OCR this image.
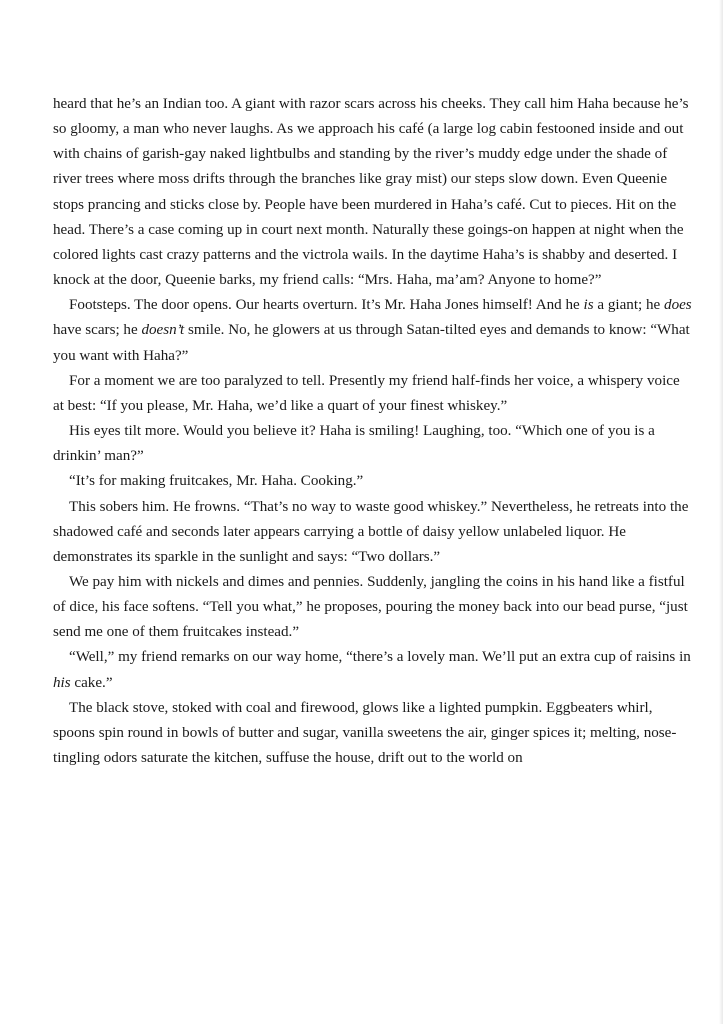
heard that he’s an Indian too. A giant with razor scars across his cheeks. They call him Haha because he’s so gloomy, a man who never laughs. As we approach his café (a large log cabin festooned inside and out with chains of garish-gay naked lightbulbs and standing by the river’s muddy edge under the shade of river trees where moss drifts through the branches like gray mist) our steps slow down. Even Queenie stops prancing and sticks close by. People have been murdered in Haha’s café. Cut to pieces. Hit on the head. There’s a case coming up in court next month. Naturally these goings-on happen at night when the colored lights cast crazy patterns and the victrola wails. In the daytime Haha’s is shabby and deserted. I knock at the door, Queenie barks, my friend calls: “Mrs. Haha, ma’am? Anyone to home?”

Footsteps. The door opens. Our hearts overturn. It’s Mr. Haha Jones himself! And he is a giant; he does have scars; he doesn’t smile. No, he glowers at us through Satan-tilted eyes and demands to know: “What you want with Haha?”

For a moment we are too paralyzed to tell. Presently my friend half-finds her voice, a whispery voice at best: “If you please, Mr. Haha, we’d like a quart of your finest whiskey.”

His eyes tilt more. Would you believe it? Haha is smiling! Laughing, too. “Which one of you is a drinkin’ man?”

“It’s for making fruitcakes, Mr. Haha. Cooking.”

This sobers him. He frowns. “That’s no way to waste good whiskey.” Nevertheless, he retreats into the shadowed café and seconds later appears carrying a bottle of daisy yellow unlabeled liquor. He demonstrates its sparkle in the sunlight and says: “Two dollars.”

We pay him with nickels and dimes and pennies. Suddenly, jangling the coins in his hand like a fistful of dice, his face softens. “Tell you what,” he proposes, pouring the money back into our bead purse, “just send me one of them fruitcakes instead.”

“Well,” my friend remarks on our way home, “there’s a lovely man. We’ll put an extra cup of raisins in his cake.”

The black stove, stoked with coal and firewood, glows like a lighted pumpkin. Eggbeaters whirl, spoons spin round in bowls of butter and sugar, vanilla sweetens the air, ginger spices it; melting, nose-tingling odors saturate the kitchen, suffuse the house, drift out to the world on
